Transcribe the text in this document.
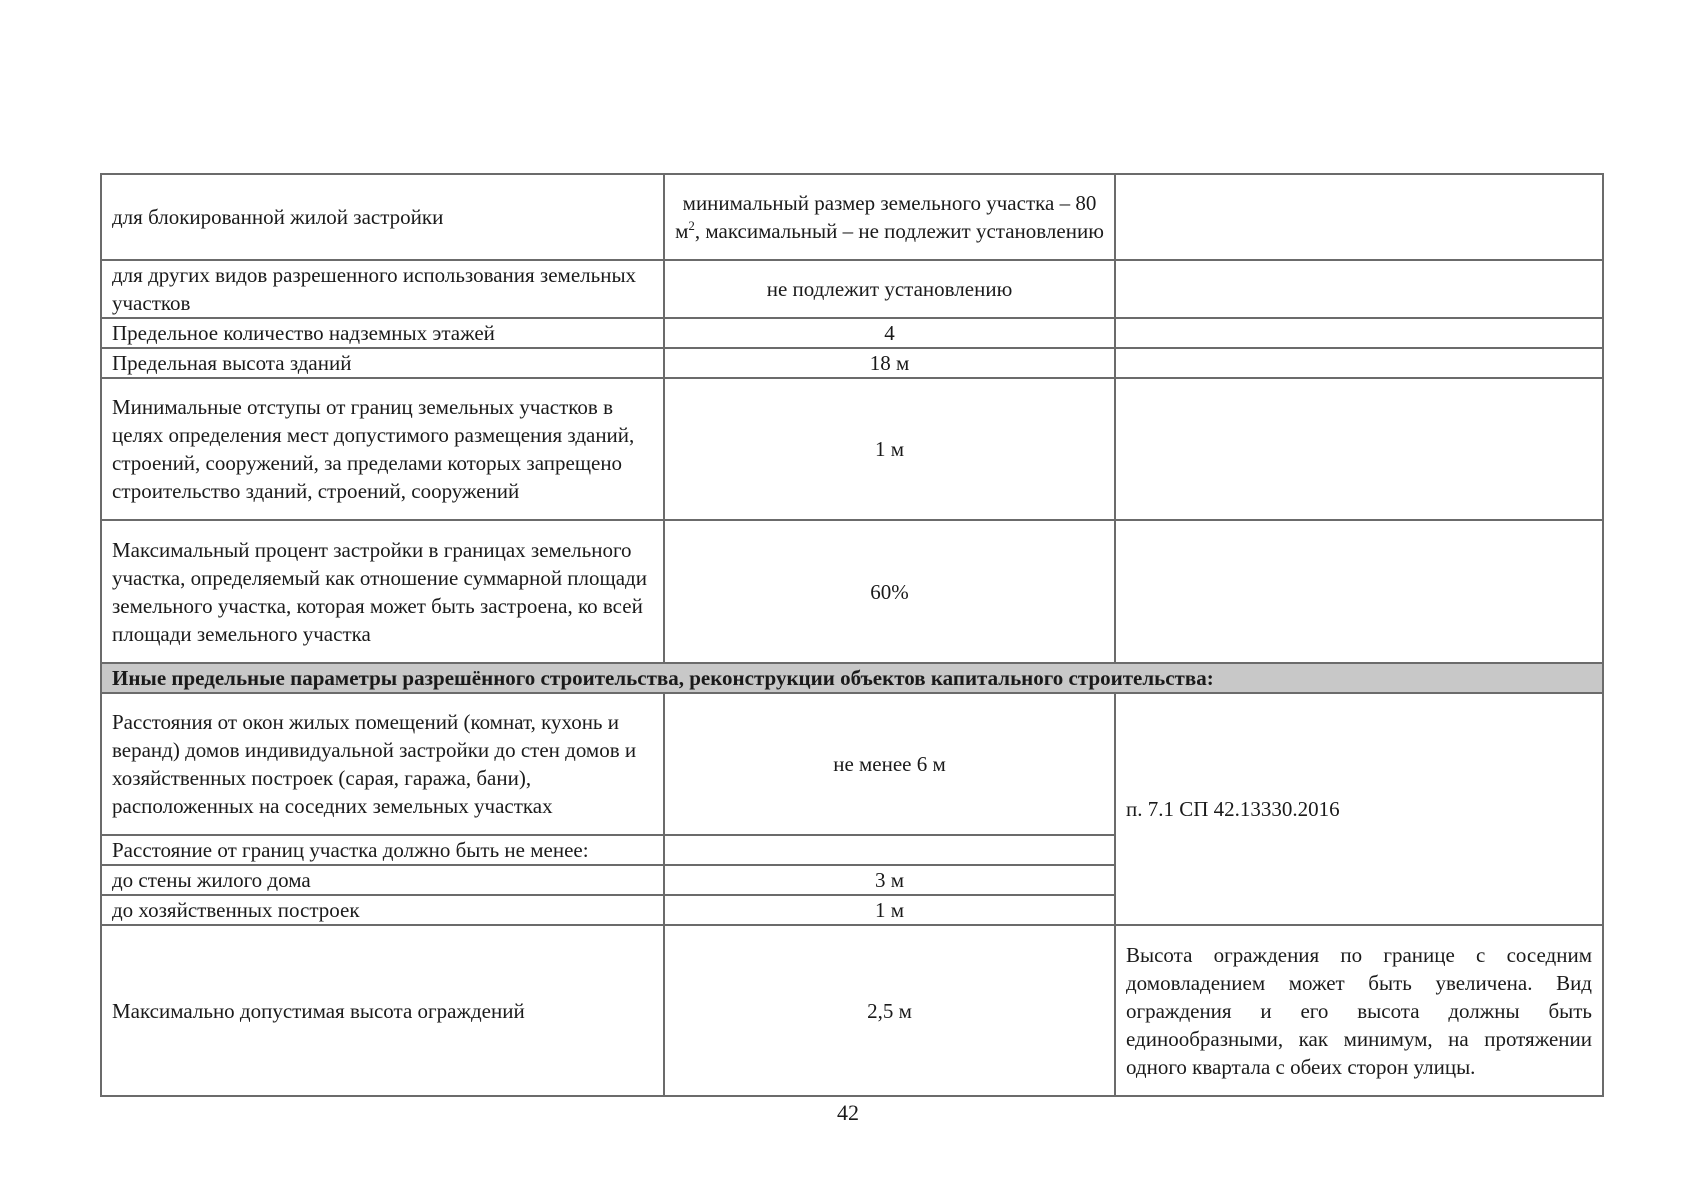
для блокированной жилой застройки	минимальный размер земельного участка – 80 $м^2$, максимальный – не подлежит установлению	
для других видов разрешенного использования земельных участков	не подлежит установлению	
Предельное количество надземных этажей	4	
Предельная высота зданий	18 м	
Минимальные отступы от границ земельных участков в целях определения мест допустимого размещения зданий, строений, сооружений, за пределами которых запрещено строительство зданий, строений, сооружений	1 м	
Максимальный процент застройки в границах земельного участка, определяемый как отношение суммарной площади земельного участка, которая может быть застроена, ко всей площади земельного участка	60%	
Иные предельные параметры разрешённого строительства, реконструкции объектов капитального строительства:		
Расстояния от окон жилых помещений (комнат, кухонь и веранд) домов индивидуальной застройки до стен домов и хозяйственных построек (сарая, гаража, бани), расположенных на соседних земельных участках	не менее 6 м	п. 7.1 СП 42.13330.2016
Расстояние от границ участка должно быть не менее:		
до стены жилого дома	3 м	
до хозяйственных построек	1 м	
Максимально допустимая высота ограждений	2,5 м	Высота ограждения по границе с соседним домовладением может быть увеличена. Вид ограждения и его высота должны быть единообразными, как минимум, на протяжении одного квартала с обеих сторон улицы.
42
